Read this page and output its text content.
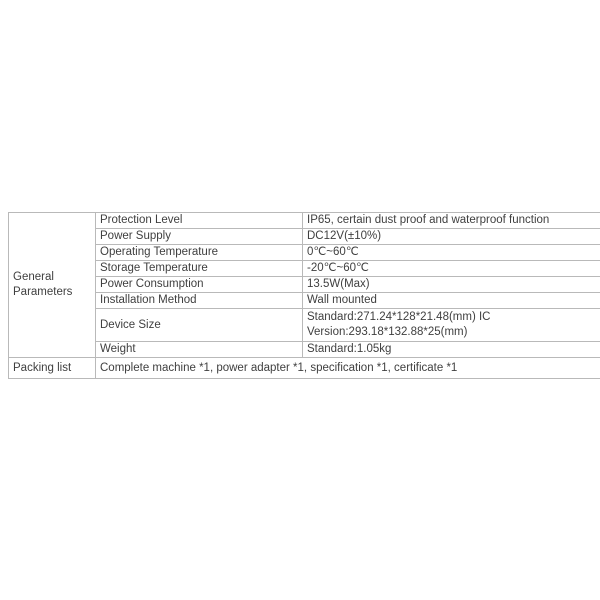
General
Parameters	Protection Level	IP65, certain dust proof and waterproof function
	Power Supply	DC12V(±10%)
	Operating Temperature	0℃~60℃
	Storage Temperature	-20℃~60℃
	Power Consumption	13.5W(Max)
	Installation Method	Wall mounted
	Device Size	Standard:271.24*128*21.48(mm) IC
Version:293.18*132.88*25(mm)

	Weight	Standard:1.05kg
Packing list	Complete machine *1, power adapter *1, specification *1, certificate *1	
